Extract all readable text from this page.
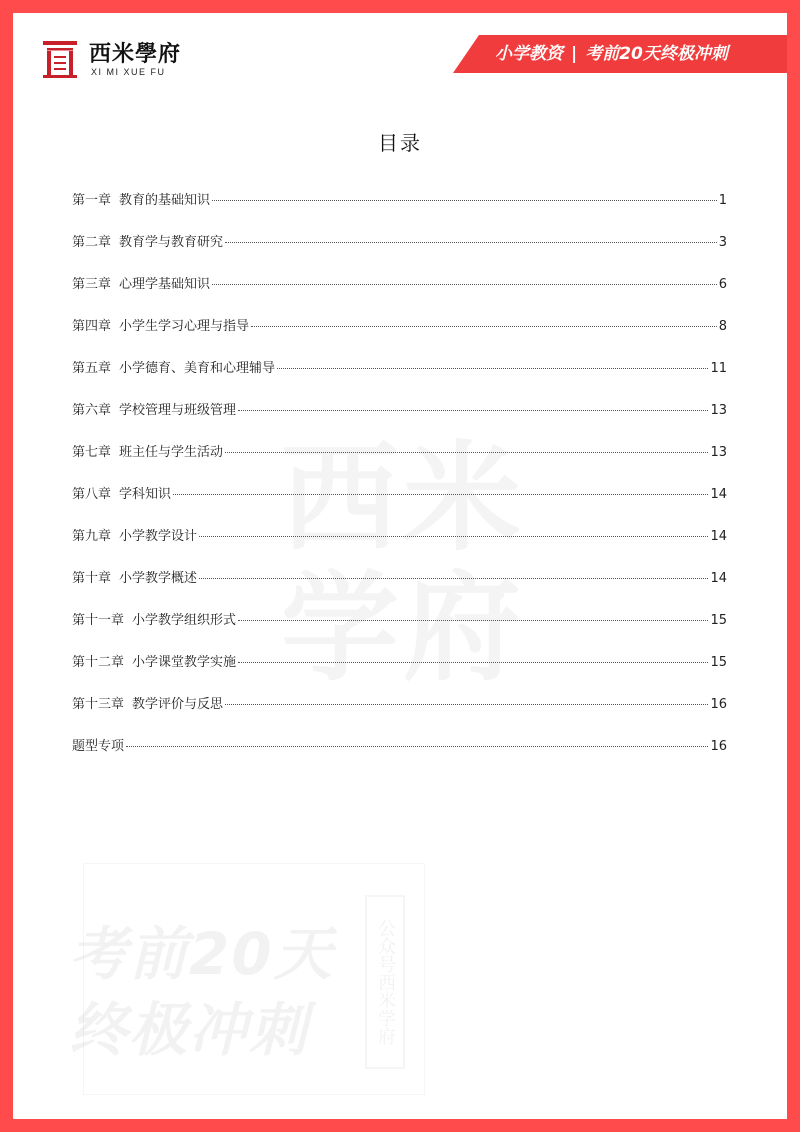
西米學府
XI MI XUE FU
小学教资 | 考前20天终极冲刺
考前20天
终极冲刺	公众号西米学府
目录
第一章 教育的基础知识	1
第二章 教育学与教育研究	3
第三章 心理学基础知识	6
第四章 小学生学习心理与指导	8
第五章 小学德育、美育和心理辅导	11
第六章 学校管理与班级管理	13
第七章 班主任与学生活动	13
第八章 学科知识	14
第九章 小学教学设计	14
第十章 小学教学概述	14
第十一章 小学教学组织形式	15
第十二章 小学课堂教学实施	15
第十三章 教学评价与反思	16
题型专项	16
